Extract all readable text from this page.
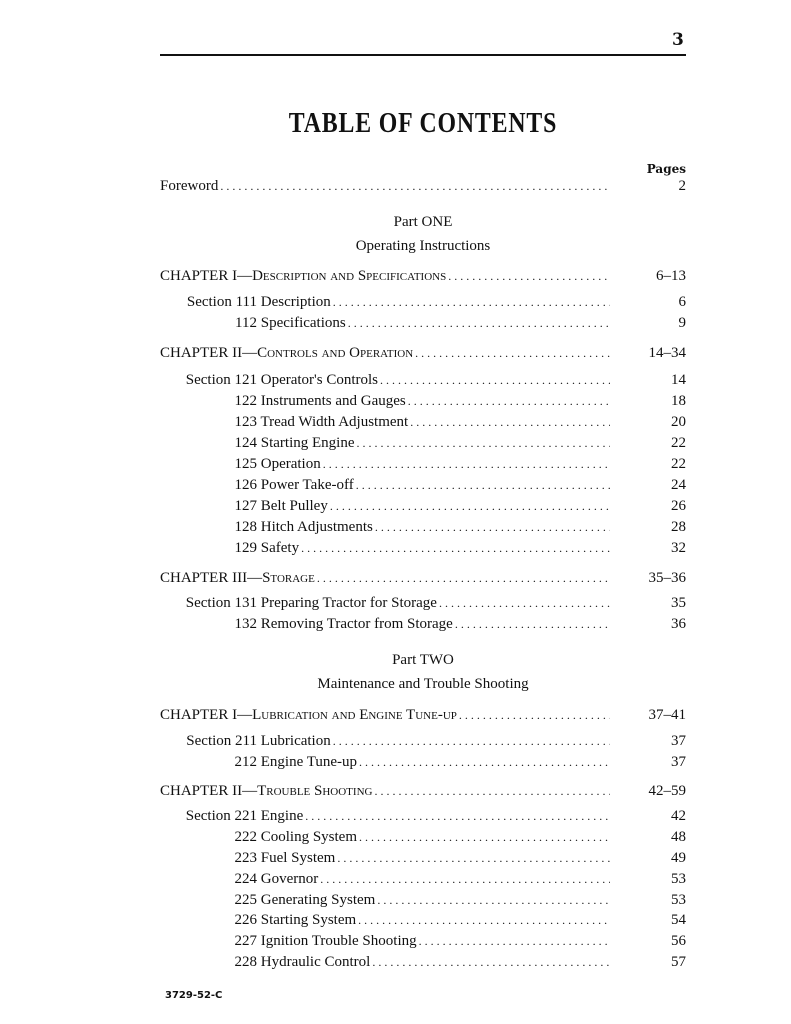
3
TABLE OF CONTENTS
Pages
Foreword . . .	2
Part ONE
Operating Instructions
CHAPTER I—Description and Specifications . . .	6–13
Section 111 Description . . .	6
112 Specifications . . .	9
CHAPTER II—Controls and Operation . . .	14–34
Section 121 Operator's Controls . . .	14
122 Instruments and Gauges . . .	18
123 Tread Width Adjustment . . .	20
124 Starting Engine . . .	22
125 Operation . . .	22
126 Power Take-off . . .	24
127 Belt Pulley . . .	26
128 Hitch Adjustments . . .	28
129 Safety . . .	32
CHAPTER III—Storage . . .	35–36
Section 131 Preparing Tractor for Storage . . .	35
132 Removing Tractor from Storage . . .	36
CHAPTER I—Lubrication and Engine Tune-up . . .	37–41
Section 211 Lubrication . . .	37
212 Engine Tune-up . . .	37
CHAPTER II—Trouble Shooting . . .	42–59
Section 221 Engine . . .	42
222 Cooling System . . .	48
223 Fuel System . . .	49
224 Governor . . .	53
225 Generating System . . .	53
226 Starting System . . .	54
227 Ignition Trouble Shooting . . .	56
228 Hydraulic Control . . .	57
Part TWO
Maintenance and Trouble Shooting
3729-52-C
